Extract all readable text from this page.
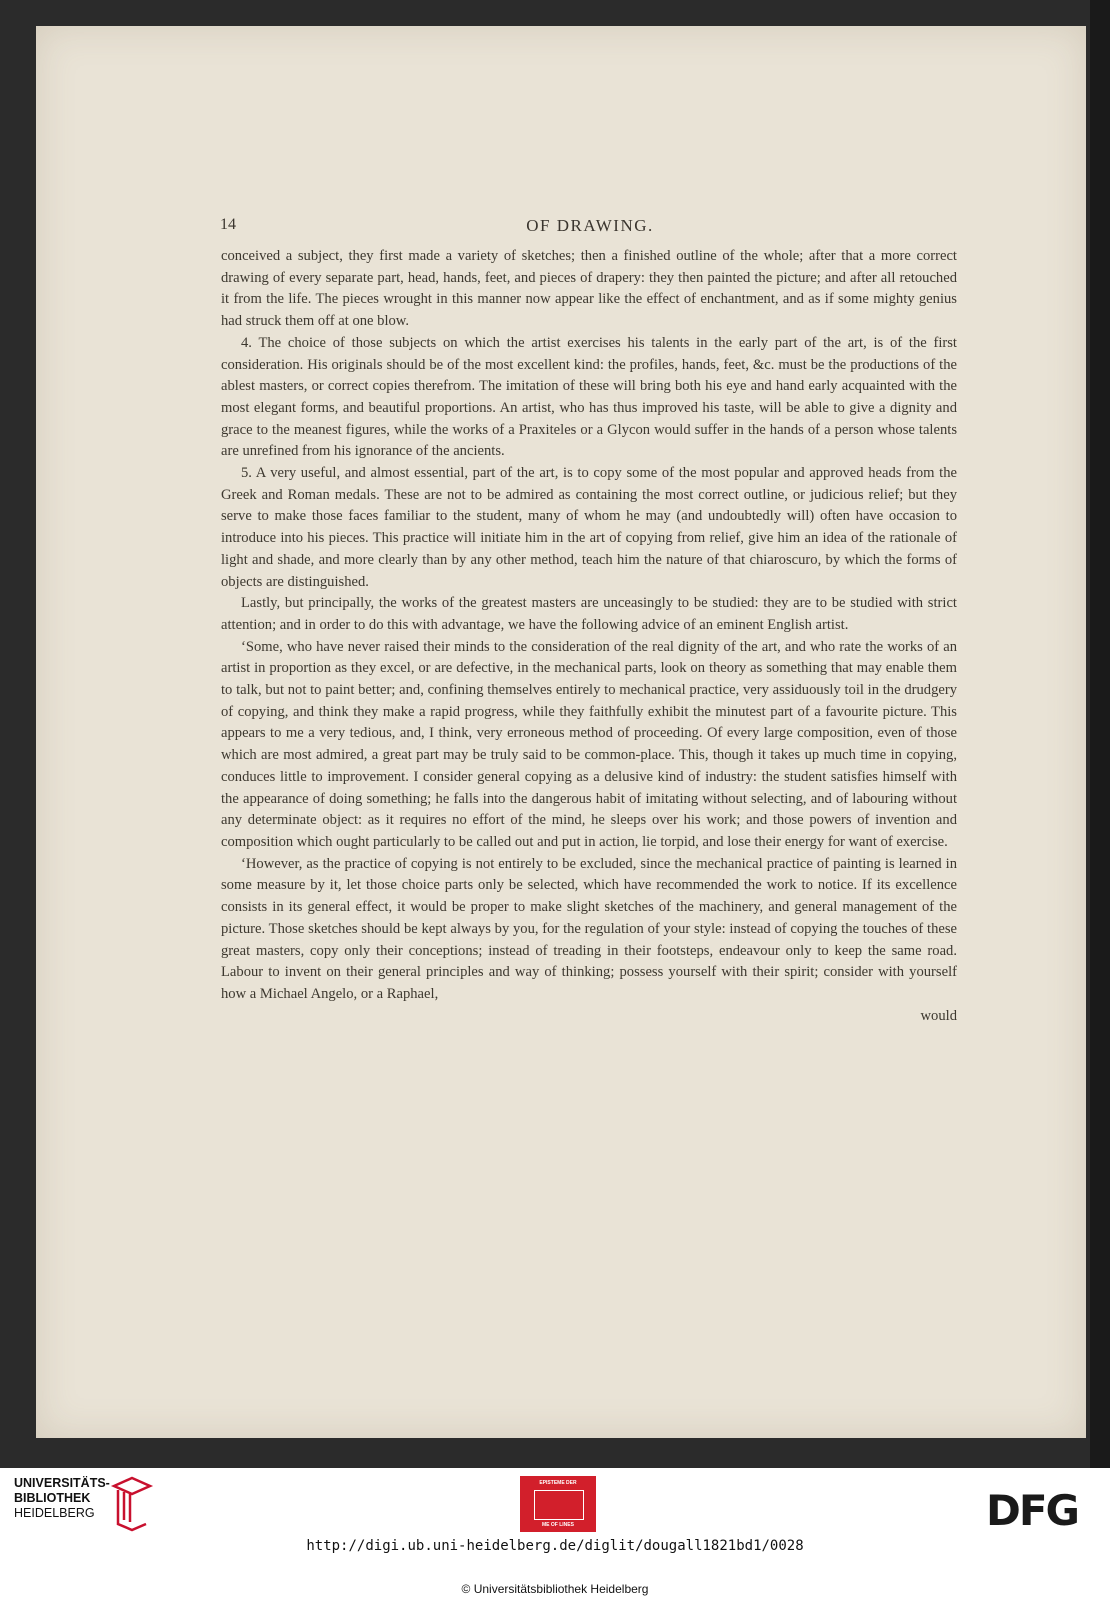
14	OF DRAWING.

conceived a subject, they first made a variety of sketches; then a finished outline of the whole; after that a more correct drawing of every separate part, head, hands, feet, and pieces of drapery: they then painted the picture; and after all retouched it from the life. The pieces wrought in this manner now appear like the effect of enchantment, and as if some mighty genius had struck them off at one blow.

4. The choice of those subjects on which the artist exercises his talents in the early part of the art, is of the first consideration. His originals should be of the most excellent kind: the profiles, hands, feet, &c. must be the productions of the ablest masters, or correct copies therefrom. The imitation of these will bring both his eye and hand early acquainted with the most elegant forms, and beautiful proportions. An artist, who has thus improved his taste, will be able to give a dignity and grace to the meanest figures, while the works of a Praxiteles or a Glycon would suffer in the hands of a person whose talents are unrefined from his ignorance of the ancients.

5. A very useful, and almost essential, part of the art, is to copy some of the most popular and approved heads from the Greek and Roman medals. These are not to be admired as containing the most correct outline, or judicious relief; but they serve to make those faces familiar to the student, many of whom he may (and undoubtedly will) often have occasion to introduce into his pieces. This practice will initiate him in the art of copying from relief, give him an idea of the rationale of light and shade, and more clearly than by any other method, teach him the nature of that chiaroscuro, by which the forms of objects are distinguished.

Lastly, but principally, the works of the greatest masters are unceasingly to be studied: they are to be studied with strict attention; and in order to do this with advantage, we have the following advice of an eminent English artist.

‘Some, who have never raised their minds to the consideration of the real dignity of the art, and who rate the works of an artist in proportion as they excel, or are defective, in the mechanical parts, look on theory as something that may enable them to talk, but not to paint better; and, confining themselves entirely to mechanical practice, very assiduously toil in the drudgery of copying, and think they make a rapid progress, while they faithfully exhibit the minutest part of a favourite picture. This appears to me a very tedious, and, I think, very erroneous method of proceeding. Of every large composition, even of those which are most admired, a great part may be truly said to be common-place. This, though it takes up much time in copying, conduces little to improvement. I consider general copying as a delusive kind of industry: the student satisfies himself with the appearance of doing something; he falls into the dangerous habit of imitating without selecting, and of labouring without any determinate object: as it requires no effort of the mind, he sleeps over his work; and those powers of invention and composition which ought particularly to be called out and put in action, lie torpid, and lose their energy for want of exercise.

‘However, as the practice of copying is not entirely to be excluded, since the mechanical practice of painting is learned in some measure by it, let those choice parts only be selected, which have recommended the work to notice. If its excellence consists in its general effect, it would be proper to make slight sketches of the machinery, and general management of the picture. Those sketches should be kept always by you, for the regulation of your style: instead of copying the touches of these great masters, copy only their conceptions; instead of treading in their footsteps, endeavour only to keep the same road. Labour to invent on their general principles and way of thinking; possess yourself with their spirit; consider with yourself how a Michael Angelo, or a Raphael,

would
UNIVERSITÄTS-
BIBLIOTHEK
HEIDELBERG
EPISTEME DER
ME OF LINES	DFG
http://digi.ub.uni-heidelberg.de/diglit/dougall1821bd1/0028
© Universitätsbibliothek Heidelberg
